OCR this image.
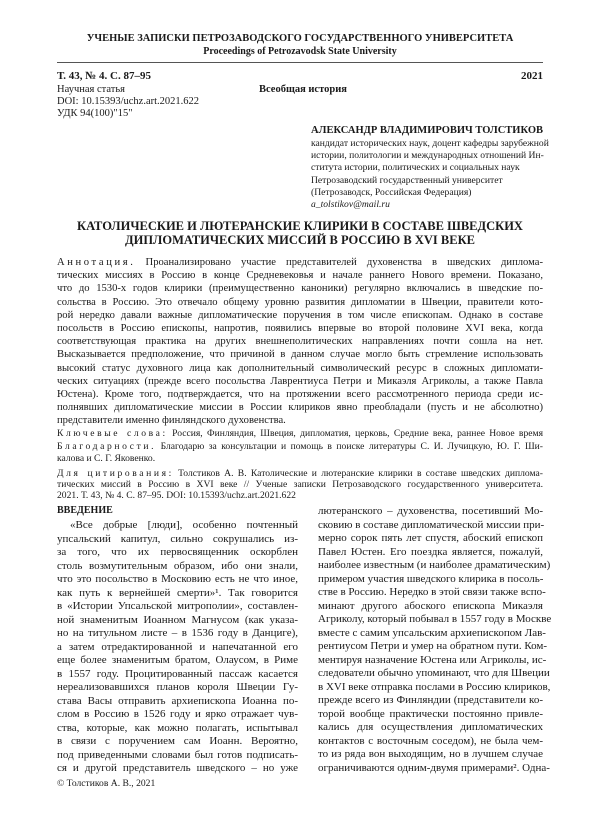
УЧЕНЫЕ ЗАПИСКИ ПЕТРОЗАВОДСКОГО ГОСУДАРСТВЕННОГО УНИВЕРСИТЕТА
Proceedings of Petrozavodsk State University
Т. 43, № 4. С. 87–95	2021
Научная статья	Всеобщая история
DOI: 10.15393/uchz.art.2021.622
УДК 94(100)"15"
АЛЕКСАНДР ВЛАДИМИРОВИЧ ТОЛСТИКОВ
кандидат исторических наук, доцент кафедры зарубежной
истории, политологии и международных отношений Ин-
ститута истории, политических и социальных наук
Петрозаводский государственный университет
(Петрозаводск, Российская Федерация)
a_tolstikov@mail.ru
КАТОЛИЧЕСКИЕ И ЛЮТЕРАНСКИЕ КЛИРИКИ В СОСТАВЕ ШВЕДСКИХ
ДИПЛОМАТИЧЕСКИХ МИССИЙ В РОССИЮ В XVI ВЕКЕ
Аннотация. Проанализировано участие представителей духовенства в шведских диплома-
тических миссиях в Россию в конце Средневековья и начале раннего Нового времени. Показано,
что до 1530-х годов клирики (преимущественно каноники) регулярно включались в шведские по-
сольства в Россию. Это отвечало общему уровню развития дипломатии в Швеции, правители кото-
рой нередко давали важные дипломатические поручения в том числе епископам. Однако в составе
посольств в Россию епископы, напротив, появились впервые во второй половине XVI века, когда
соответствующая практика на других внешнеполитических направлениях почти сошла на нет.
Высказывается предположение, что причиной в данном случае могло быть стремление использовать
высокий статус духовного лица как дополнительный символический ресурс в сложных дипломати-
ческих ситуациях (прежде всего посольства Лаврентиуса Петри и Микаэля Агриколы, а также Павла
Юстена). Кроме того, подтверждается, что на протяжении всего рассмотренного периода среди ис-
полнявших дипломатические миссии в России клириков явно преобладали (пусть и не абсолютно)
представители именно финляндского духовенства.
Ключевые слова: Россия, Финляндия, Швеция, дипломатия, церковь, Средние века, раннее Новое время
Благодарности. Благодарю за консультации и помощь в поиске литературы С. И. Лучицкую, Ю. Г. Ши-
калова и С. Г. Яковенко.
Для цитирования: Толстиков А. В. Католические и лютеранские клирики в составе шведских диплома-
тических миссий в Россию в XVI веке // Ученые записки Петрозаводского государственного университета.
2021. Т. 43, № 4. С. 87–95. DOI: 10.15393/uchz.art.2021.622
ВВЕДЕНИЕ
«Все добрые [люди], особенно почтенный
упсальский капитул, сильно сокрушались из-
за того, что их первосвященник оскорблен
столь возмутительным образом, ибо они знали,
что это посольство в Московию есть не что иное,
как путь к вернейшей смерти»¹. Так говорится
в «Истории Упсальской митрополии», составлен-
ной знаменитым Иоанном Магнусом (как указа-
но на титульном листе – в 1536 году в Данциге),
а затем отредактированной и напечатанной его
еще более знаменитым братом, Олаусом, в Риме
в 1557 году. Процитированный пассаж касается
нереализовавшихся планов короля Швеции Гу-
става Васы отправить архиепископа Иоанна по-
слом в Россию в 1526 году и ярко отражает чув-
ства, которые, как можно полагать, испытывал
в связи с поручением сам Иоанн. Вероятно,
под приведенными словами был готов подписать-
ся и другой представитель шведского – но уже
лютеранского – духовенства, посетивший Мо-
сковию в составе дипломатической миссии при-
мерно сорок пять лет спустя, абоский епископ
Павел Юстен. Его поездка является, пожалуй,
наиболее известным (и наиболее драматическим)
примером участия шведского клирика в посоль-
стве в Россию. Нередко в этой связи также вспо-
минают другого абоского епископа Микаэля
Агриколу, который побывал в 1557 году в Москве
вместе с самим упсальским архиепископом Лав-
рентиусом Петри и умер на обратном пути. Ком-
ментируя назначение Юстена или Агриколы, ис-
следователи обычно упоминают, что для Швеции
в XVI веке отправка послами в Россию клириков,
прежде всего из Финляндии (представители ко-
торой вообще практически постоянно привле-
кались для осуществления дипломатических
контактов с восточным соседом), не была чем-
то из ряда вон выходящим, но в лучшем случае
ограничиваются одним-двумя примерами². Одна-
© Толстиков А. В., 2021
